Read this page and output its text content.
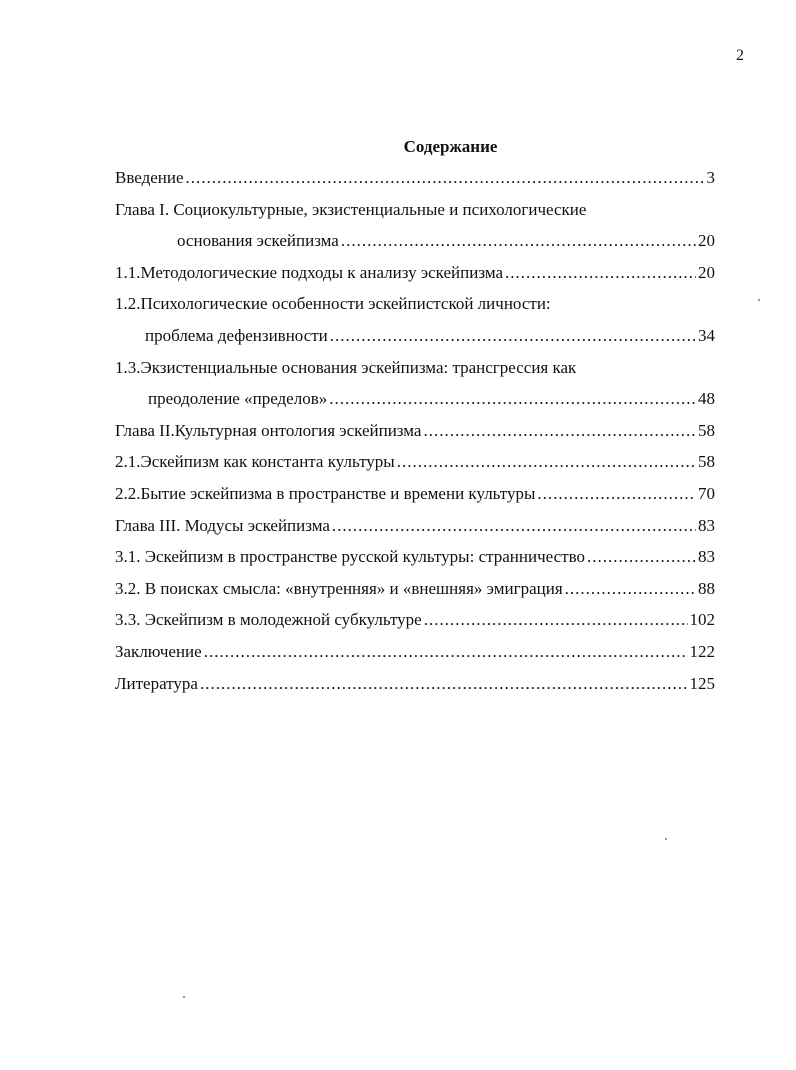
2
Содержание
Введение .....	3
Глава I. Социокультурные, экзистенциальные и психологические
основания эскейпизма .....	20
1.1.Методологические подходы к анализу эскейпизма .....	20
1.2.Психологические особенности эскейпистской личности:
проблема дефензивности .....	34
1.3.Экзистенциальные основания эскейпизма: трансгрессия как
преодоление «пределов» .....	48
Глава II.Культурная онтология эскейпизма .....	58
2.1.Эскейпизм как константа культуры .....	58
2.2.Бытие эскейпизма в пространстве и времени культуры .....	70
Глава III. Модусы эскейпизма .....	83
3.1. Эскейпизм в пространстве русской культуры: странничество .....	83
3.2. В поисках смысла: «внутренняя» и «внешняя» эмиграция .....	88
3.3. Эскейпизм в молодежной субкультуре .....	102
Заключение .....	122
Литература .....	125
